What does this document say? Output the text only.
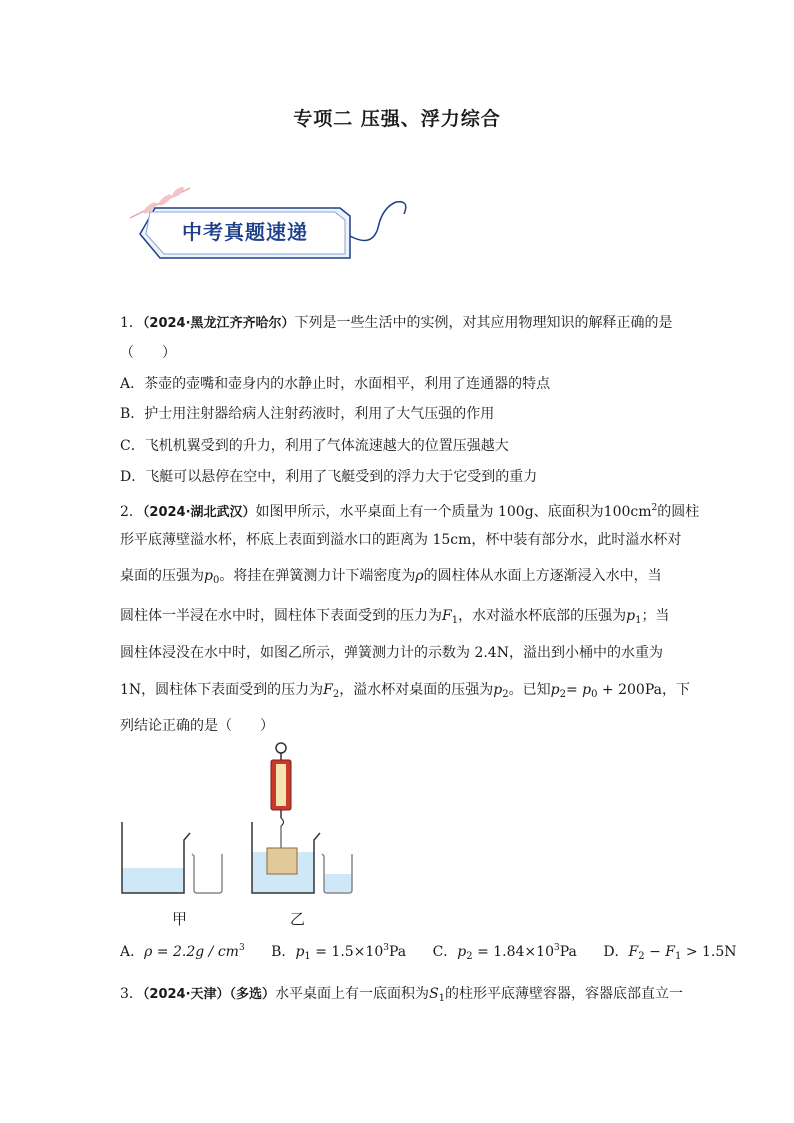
专项二 压强、浮力综合
中考真题速递
1．（2024·黑龙江齐齐哈尔）下列是一些生活中的实例，对其应用物理知识的解释正确的是
（　　）
A．茶壶的壶嘴和壶身内的水静止时，水面相平，利用了连通器的特点
B．护士用注射器给病人注射药液时，利用了大气压强的作用
C．飞机机翼受到的升力，利用了气体流速越大的位置压强越大
D．飞艇可以悬停在空中，利用了飞艇受到的浮力大于它受到的重力
2．（2024·湖北武汉）如图甲所示，水平桌面上有一个质量为 100g、底面积为$100cm^2$的圆柱
形平底薄壁溢水杯，杯底上表面到溢水口的距离为 15cm，杯中装有部分水，此时溢水杯对
桌面的压强为$p_0$。将挂在弹簧测力计下端密度为ρ的圆柱体从水面上方逐渐浸入水中，当
圆柱体一半浸在水中时，圆柱体下表面受到的压力为$F_1$，水对溢水杯底部的压强为$p_1$；当
圆柱体浸没在水中时，如图乙所示，弹簧测力计的示数为 2.4N，溢出到小桶中的水重为
1N，圆柱体下表面受到的压力为$F_2$，溢水杯对桌面的压强为$p_2$。已知$p_2= p_0 + 200Pa$，下
列结论正确的是（　　）
甲	乙
A．$\rho = 2.2g / cm^3$ B．$p_1 = 1.5\times 10^3Pa$ C．$p_2 = 1.84\times 10^3Pa$ D．$F_2 - F_1 > 1.5N$
3．（2024·天津）（多选）水平桌面上有一底面积为$S_1$的柱形平底薄壁容器，容器底部直立一
